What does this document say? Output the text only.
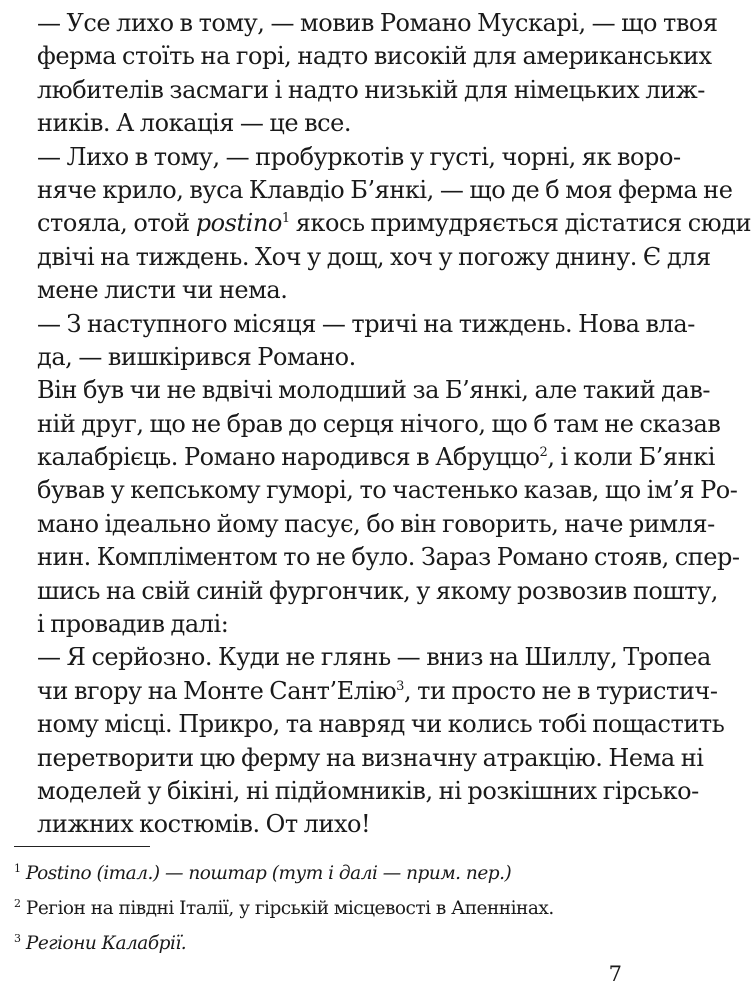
— Усе лихо в тому, — мовив Романо Мускарі, — що твоя
ферма стоїть на горі, надто високій для американських
любителів засмаги і надто низькій для німецьких лиж-
ників. А локація — це все.
— Лихо в тому, — пробуркотів у густі, чорні, як воро-
няче крило, вуса Клавдіо Б’янкі, — що де б моя ферма не
стояла, отой postino$^1$ якось примудряється дістатися сюди
двічі на тиждень. Хоч у дощ, хоч у погожу днину. Є для
мене листи чи нема.
— З наступного місяця — тричі на тиждень. Нова вла-
да, — вишкірився Романо.
Він був чи не вдвічі молодший за Б’янкі, але такий дав-
ній друг, що не брав до серця нічого, що б там не сказав
калабрієць. Романо народився в Абруццо$^2$, і коли Б’янкі
бував у кепському гуморі, то частенько казав, що ім’я Ро-
мано ідеально йому пасує, бо він говорить, наче римля-
нин. Компліментом то не було. Зараз Романо стояв, спер-
шись на свій синій фургончик, у якому розвозив пошту,
і провадив далі:
— Я серйозно. Куди не глянь — вниз на Шиллу, Тропеа
чи вгору на Монте Сант’Елію$^3$, ти просто не в туристич-
ному місці. Прикро, та навряд чи колись тобі пощастить
перетворити цю ферму на визначну атракцію. Нема ні
моделей у бікіні, ні підйомників, ні розкішних гірсько-
лижних костюмів. От лихо!
$^1$ Postino (італ.) — поштар (тут і далі — прим. пер.)
$^2$ Регіон на півдні Італії, у гірській місцевості в Апеннінах.
$^3$ Регіони Калабрії.
7
